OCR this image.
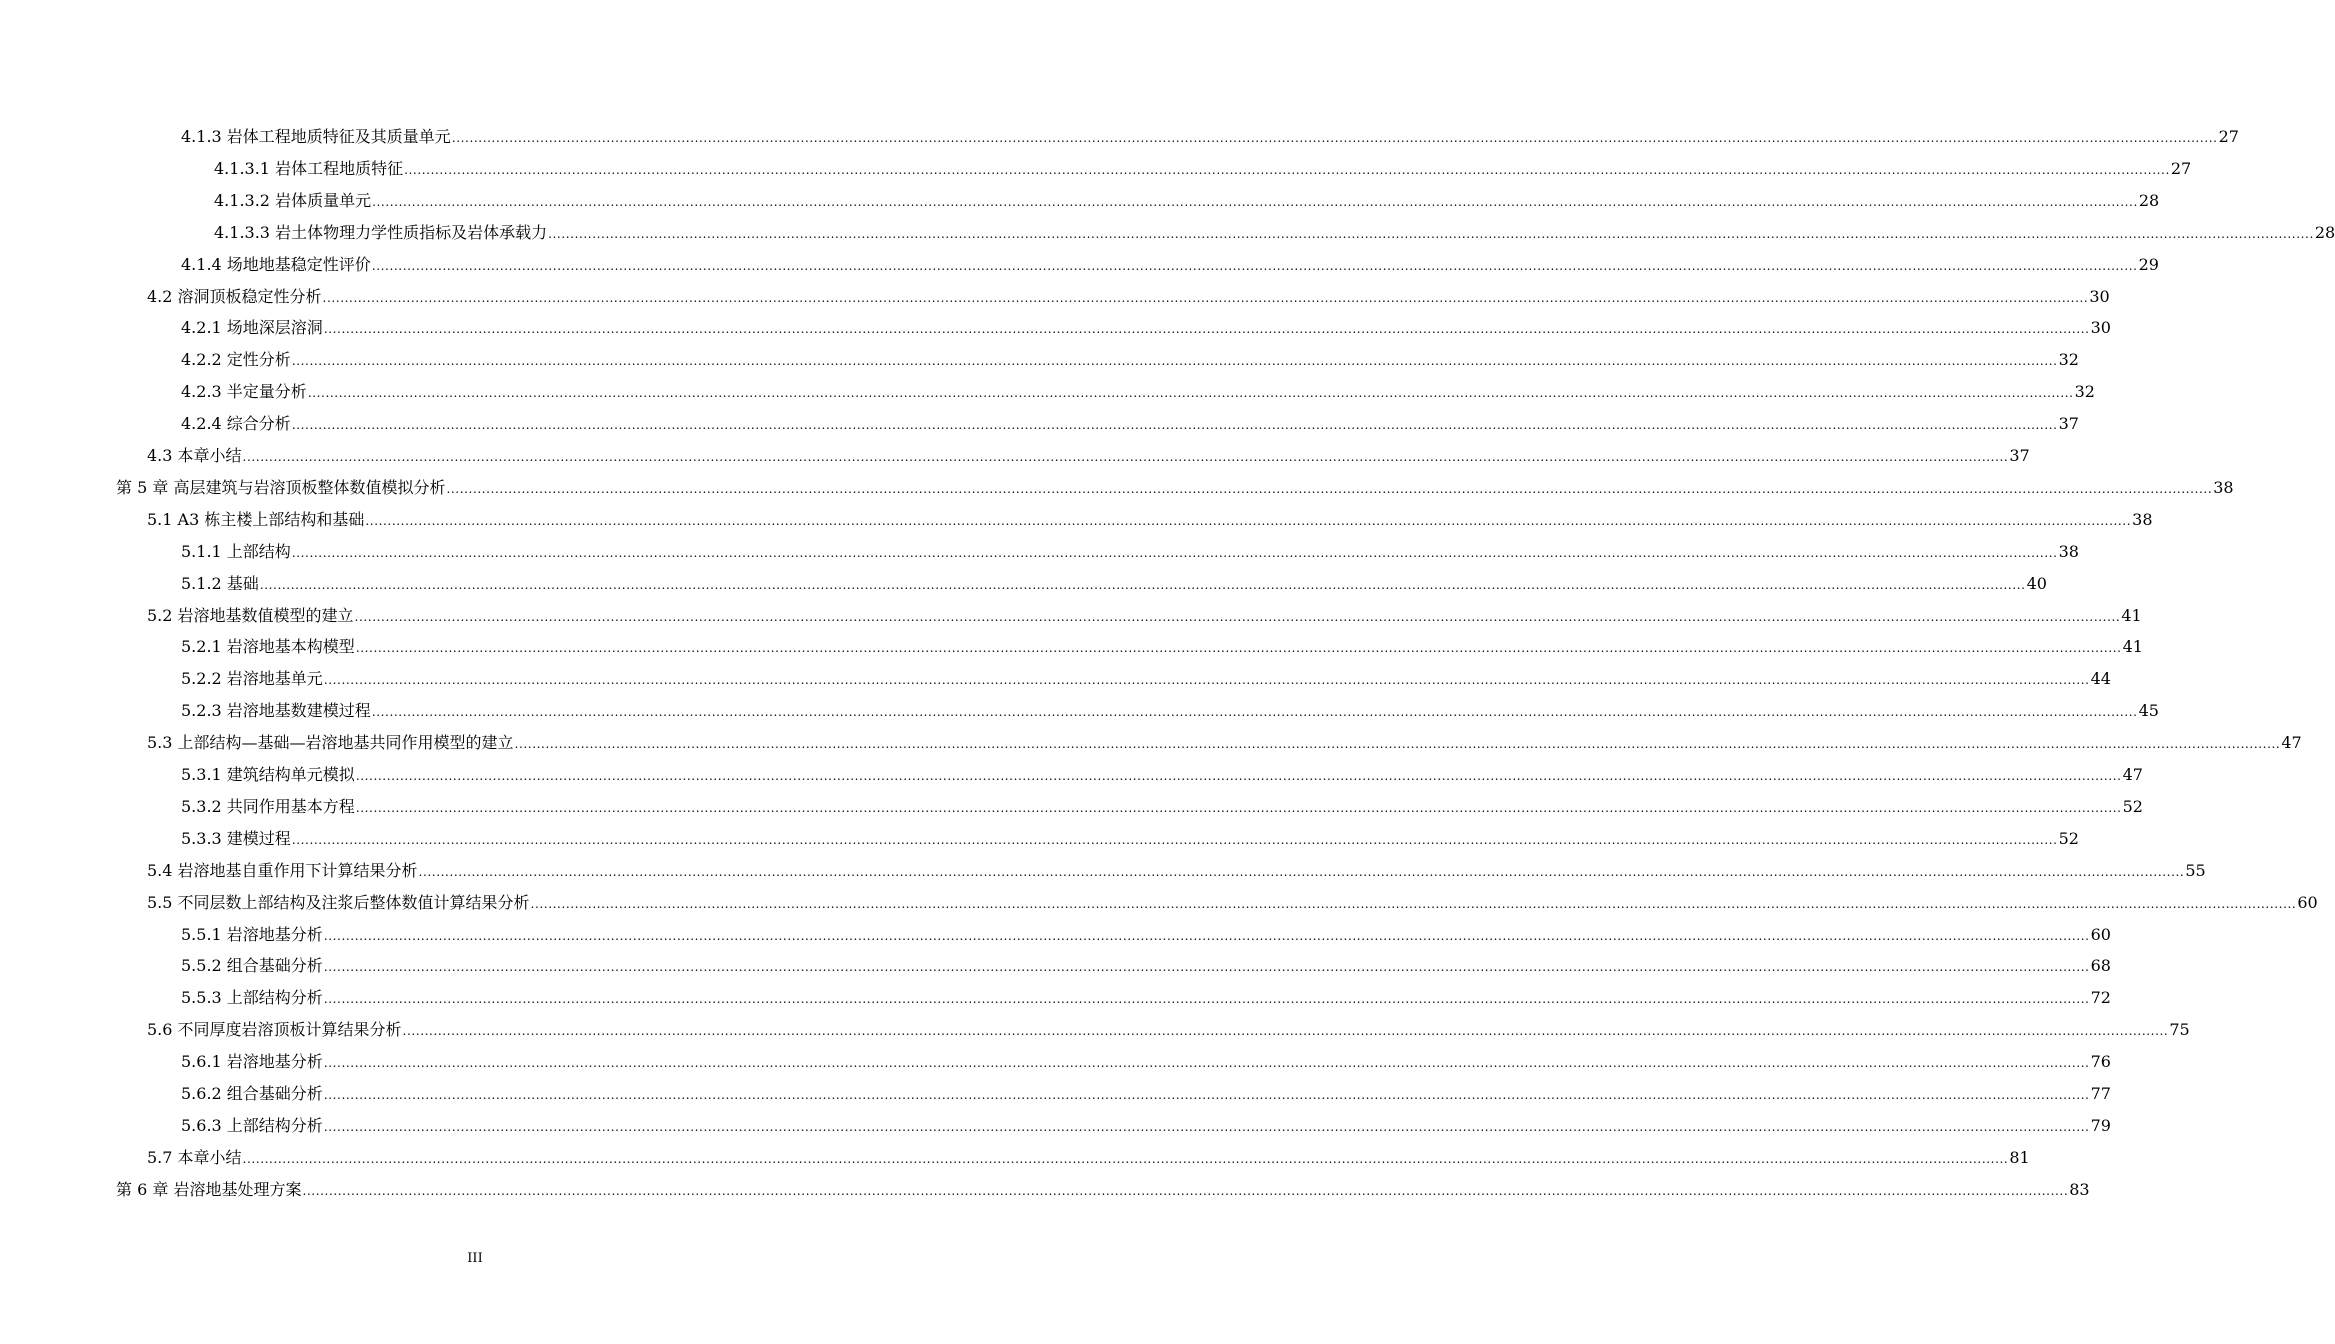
4.1.3 岩体工程地质特征及其质量单元 ................................................................................................................................................................................................................................................................................................................................................................................................................ 27
4.1.3.1 岩体工程地质特征 ................................................................................................................................................................................................................................................................................................................................................................................................................ 27
4.1.3.2 岩体质量单元 ................................................................................................................................................................................................................................................................................................................................................................................................................ 28
4.1.3.3 岩土体物理力学性质指标及岩体承载力 ................................................................................................................................................................................................................................................................................................................................................................................................................ 28
4.1.4 场地地基稳定性评价 ................................................................................................................................................................................................................................................................................................................................................................................................................ 29
4.2 溶洞顶板稳定性分析 ................................................................................................................................................................................................................................................................................................................................................................................................................ 30
4.2.1 场地深层溶洞 ................................................................................................................................................................................................................................................................................................................................................................................................................ 30
4.2.2 定性分析 ................................................................................................................................................................................................................................................................................................................................................................................................................ 32
4.2.3 半定量分析 ................................................................................................................................................................................................................................................................................................................................................................................................................ 32
4.2.4 综合分析 ................................................................................................................................................................................................................................................................................................................................................................................................................ 37
4.3 本章小结 ................................................................................................................................................................................................................................................................................................................................................................................................................ 37
第 5 章 高层建筑与岩溶顶板整体数值模拟分析 ................................................................................................................................................................................................................................................................................................................................................................................................................ 38
5.1 A3 栋主楼上部结构和基础 ................................................................................................................................................................................................................................................................................................................................................................................................................ 38
5.1.1 上部结构 ................................................................................................................................................................................................................................................................................................................................................................................................................ 38
5.1.2 基础 ................................................................................................................................................................................................................................................................................................................................................................................................................ 40
5.2 岩溶地基数值模型的建立 ................................................................................................................................................................................................................................................................................................................................................................................................................ 41
5.2.1 岩溶地基本构模型 ................................................................................................................................................................................................................................................................................................................................................................................................................ 41
5.2.2 岩溶地基单元 ................................................................................................................................................................................................................................................................................................................................................................................................................ 44
5.2.3 岩溶地基数建模过程 ................................................................................................................................................................................................................................................................................................................................................................................................................ 45
5.3 上部结构—基础—岩溶地基共同作用模型的建立 ................................................................................................................................................................................................................................................................................................................................................................................................................ 47
5.3.1 建筑结构单元模拟 ................................................................................................................................................................................................................................................................................................................................................................................................................ 47
5.3.2 共同作用基本方程 ................................................................................................................................................................................................................................................................................................................................................................................................................ 52
5.3.3 建模过程 ................................................................................................................................................................................................................................................................................................................................................................................................................ 52
5.4 岩溶地基自重作用下计算结果分析 ................................................................................................................................................................................................................................................................................................................................................................................................................ 55
5.5 不同层数上部结构及注浆后整体数值计算结果分析 ................................................................................................................................................................................................................................................................................................................................................................................................................ 60
5.5.1 岩溶地基分析 ................................................................................................................................................................................................................................................................................................................................................................................................................ 60
5.5.2 组合基础分析 ................................................................................................................................................................................................................................................................................................................................................................................................................ 68
5.5.3 上部结构分析 ................................................................................................................................................................................................................................................................................................................................................................................................................ 72
5.6 不同厚度岩溶顶板计算结果分析 ................................................................................................................................................................................................................................................................................................................................................................................................................ 75
5.6.1 岩溶地基分析 ................................................................................................................................................................................................................................................................................................................................................................................................................ 76
5.6.2 组合基础分析 ................................................................................................................................................................................................................................................................................................................................................................................................................ 77
5.6.3 上部结构分析 ................................................................................................................................................................................................................................................................................................................................................................................................................ 79
5.7 本章小结 ................................................................................................................................................................................................................................................................................................................................................................................................................ 81
第 6 章 岩溶地基处理方案 ................................................................................................................................................................................................................................................................................................................................................................................................................ 83
III
